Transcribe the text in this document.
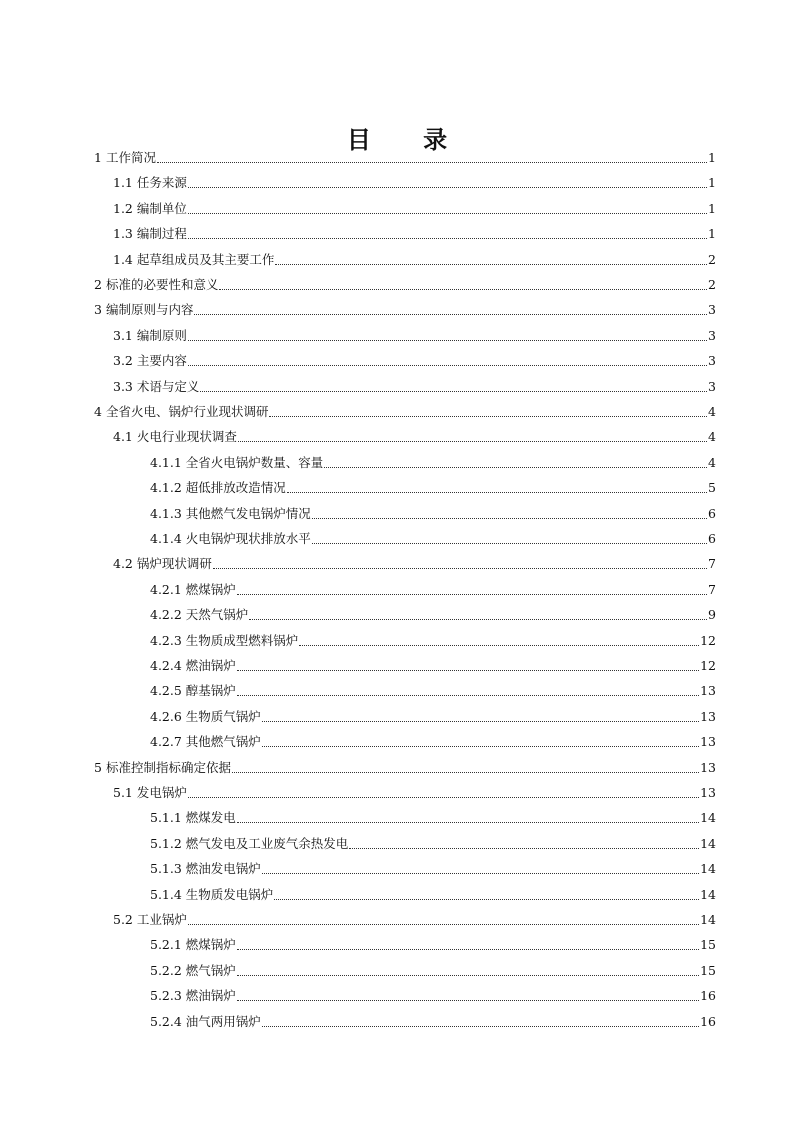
目 录
1 工作简况	1
1.1 任务来源	1
1.2 编制单位	1
1.3 编制过程	1
1.4 起草组成员及其主要工作	2
2 标准的必要性和意义	2
3 编制原则与内容	3
3.1 编制原则	3
3.2 主要内容	3
3.3 术语与定义	3
4 全省火电、锅炉行业现状调研	4
4.1 火电行业现状调查	4
4.1.1 全省火电锅炉数量、容量	4
4.1.2 超低排放改造情况	5
4.1.3 其他燃气发电锅炉情况	6
4.1.4 火电锅炉现状排放水平	6
4.2 锅炉现状调研	7
4.2.1 燃煤锅炉	7
4.2.2 天然气锅炉	9
4.2.3 生物质成型燃料锅炉	12
4.2.4 燃油锅炉	12
4.2.5 醇基锅炉	13
4.2.6 生物质气锅炉	13
4.2.7 其他燃气锅炉	13
5 标准控制指标确定依据	13
5.1 发电锅炉	13
5.1.1 燃煤发电	14
5.1.2 燃气发电及工业废气余热发电	14
5.1.3 燃油发电锅炉	14
5.1.4 生物质发电锅炉	14
5.2 工业锅炉	14
5.2.1 燃煤锅炉	15
5.2.2 燃气锅炉	15
5.2.3 燃油锅炉	16
5.2.4 油气两用锅炉	16
